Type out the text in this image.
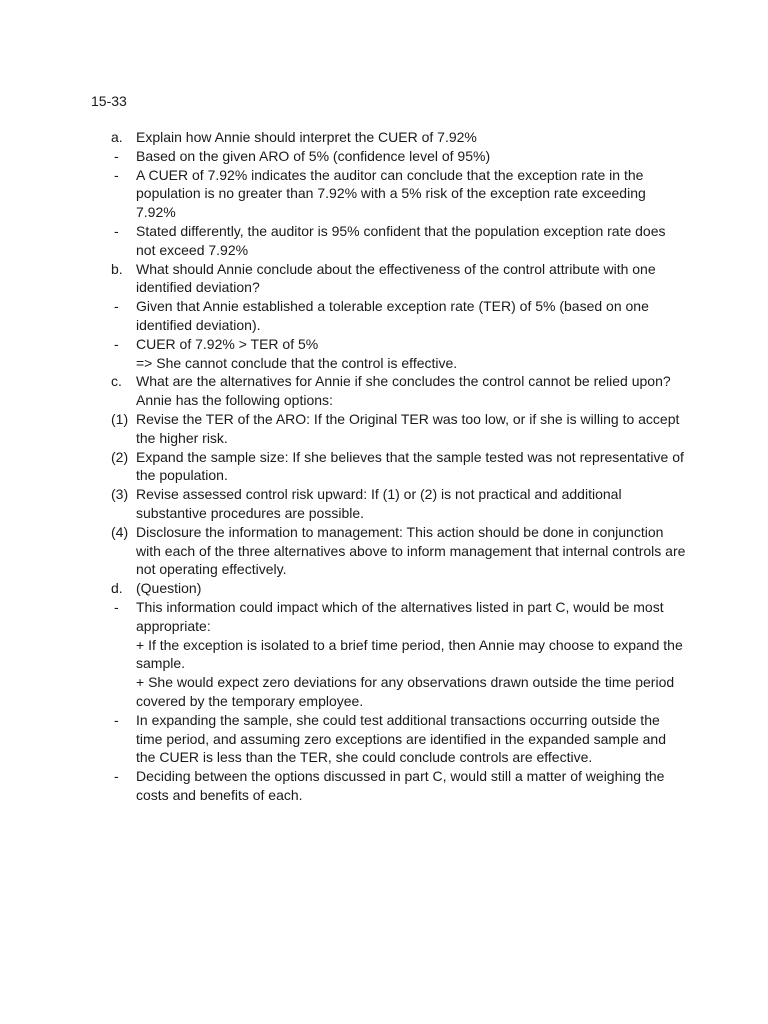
15-33
a. Explain how Annie should interpret the CUER of 7.92%
-	Based on the given ARO of 5% (confidence level of 95%)
-	A CUER of 7.92% indicates the auditor can conclude that the exception rate in the
population is no greater than 7.92% with a 5% risk of the exception rate exceeding
7.92%
-	Stated differently, the auditor is 95% confident that the population exception rate does
not exceed 7.92%
b. What should Annie conclude about the effectiveness of the control attribute with one
identified deviation?
-	Given that Annie established a tolerable exception rate (TER) of 5% (based on one
identified deviation).
-	CUER of 7.92% > TER of 5%
=> She cannot conclude that the control is effective.
c.	What are the alternatives for Annie if she concludes the control cannot be relied upon?
Annie has the following options:
(1) Revise the TER of the ARO: If the Original TER was too low, or if she is willing to accept
the higher risk.
(2) Expand the sample size: If she believes that the sample tested was not representative of
the population.
(3) Revise assessed control risk upward: If (1) or (2) is not practical and additional
substantive procedures are possible.
(4) Disclosure the information to management: This action should be done in conjunction
with each of the three alternatives above to inform management that internal controls are
not operating effectively.
d. (Question)
-	This information could impact which of the alternatives listed in part C, would be most
appropriate:
+ If the exception is isolated to a brief time period, then Annie may choose to expand the
sample.
+ She would expect zero deviations for any observations drawn outside the time period
covered by the temporary employee.
-	In expanding the sample, she could test additional transactions occurring outside the
time period, and assuming zero exceptions are identified in the expanded sample and
the CUER is less than the TER, she could conclude controls are effective.
-	Deciding between the options discussed in part C, would still a matter of weighing the
costs and benefits of each.
